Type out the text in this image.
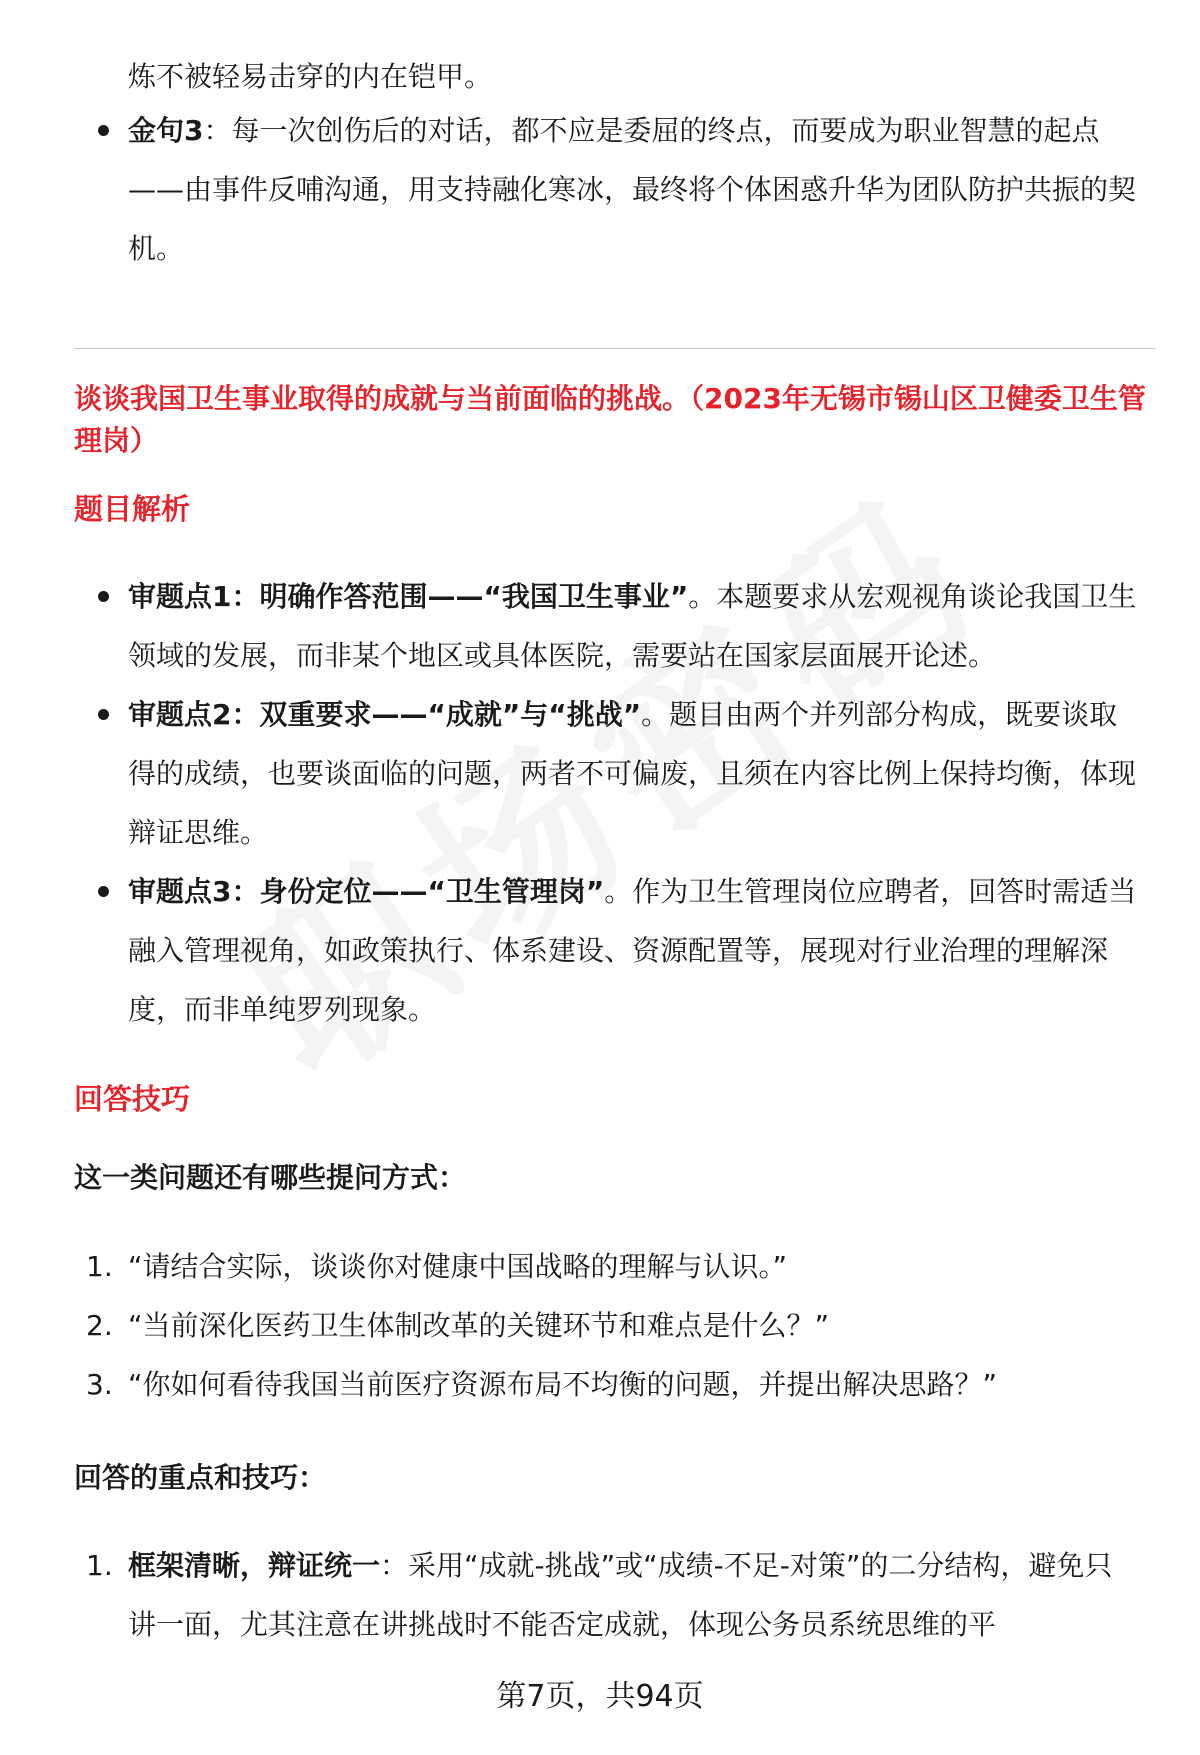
炼不被轻易击穿的内在铠甲。
金句3：每一次创伤后的对话，都不应是委屈的终点，而要成为职业智慧的起点——由事件反哺沟通，用支持融化寒冰，最终将个体困惑升华为团队防护共振的契机。
谈谈我国卫生事业取得的成就与当前面临的挑战。（2023年无锡市锡山区卫健委卫生管理岗）
题目解析
审题点1：明确作答范围——“我国卫生事业”。本题要求从宏观视角谈论我国卫生领域的发展，而非某个地区或具体医院，需要站在国家层面展开论述。
审题点2：双重要求——“成就”与“挑战”。题目由两个并列部分构成，既要谈取得的成绩，也要谈面临的问题，两者不可偏废，且须在内容比例上保持均衡，体现辩证思维。
审题点3：身份定位——“卫生管理岗”。作为卫生管理岗位应聘者，回答时需适当融入管理视角，如政策执行、体系建设、资源配置等，展现对行业治理的理解深度，而非单纯罗列现象。
回答技巧
这一类问题还有哪些提问方式：
1. “请结合实际，谈谈你对健康中国战略的理解与认识。”
2. “当前深化医药卫生体制改革的关键环节和难点是什么？”
3. “你如何看待我国当前医疗资源布局不均衡的问题，并提出解决思路？”
回答的重点和技巧：
1. 框架清晰，辩证统一：采用“成就-挑战”或“成绩-不足-对策”的二分结构，避免只讲一面，尤其注意在讲挑战时不能否定成就，体现公务员系统思维的平
第7页，共94页
